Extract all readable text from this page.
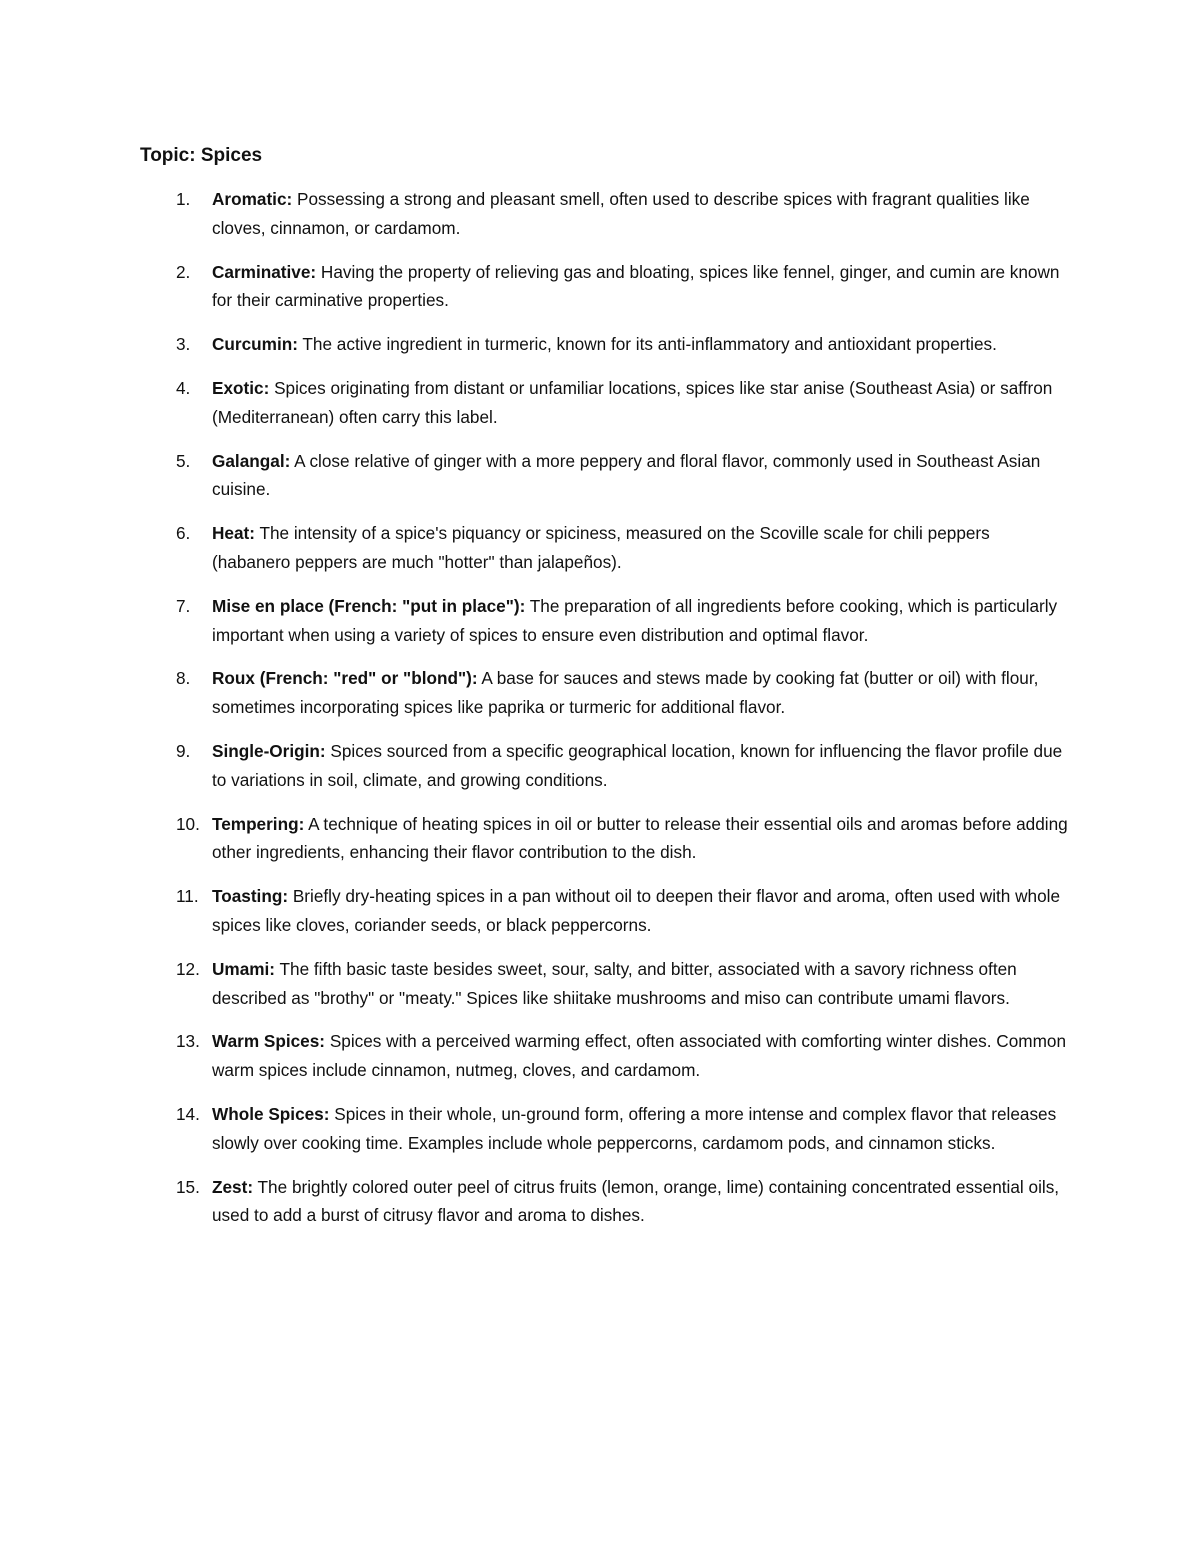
Topic: Spices

1.	Aromatic: Possessing a strong and pleasant smell, often used to describe spices with fragrant qualities like cloves, cinnamon, or cardamom.
2.	Carminative: Having the property of relieving gas and bloating, spices like fennel, ginger, and cumin are known for their carminative properties.
3.	Curcumin: The active ingredient in turmeric, known for its anti-inflammatory and antioxidant properties.
4.	Exotic: Spices originating from distant or unfamiliar locations, spices like star anise (Southeast Asia) or saffron (Mediterranean) often carry this label.
5.	Galangal: A close relative of ginger with a more peppery and floral flavor, commonly used in Southeast Asian cuisine.
6.	Heat: The intensity of a spice's piquancy or spiciness, measured on the Scoville scale for chili peppers (habanero peppers are much "hotter" than jalapeños).
7.	Mise en place (French: "put in place"): The preparation of all ingredients before cooking, which is particularly important when using a variety of spices to ensure even distribution and optimal flavor.
8.	Roux (French: "red" or "blond"): A base for sauces and stews made by cooking fat (butter or oil) with flour, sometimes incorporating spices like paprika or turmeric for additional flavor.
9.	Single-Origin: Spices sourced from a specific geographical location, known for influencing the flavor profile due to variations in soil, climate, and growing conditions.
10. Tempering: A technique of heating spices in oil or butter to release their essential oils and aromas before adding other ingredients, enhancing their flavor contribution to the dish.
11. Toasting: Briefly dry-heating spices in a pan without oil to deepen their flavor and aroma, often used with whole spices like cloves, coriander seeds, or black peppercorns.
12. Umami: The fifth basic taste besides sweet, sour, salty, and bitter, associated with a savory richness often described as "brothy" or "meaty." Spices like shiitake mushrooms and miso can contribute umami flavors.
13. Warm Spices: Spices with a perceived warming effect, often associated with comforting winter dishes. Common warm spices include cinnamon, nutmeg, cloves, and cardamom.
14. Whole Spices: Spices in their whole, un-ground form, offering a more intense and complex flavor that releases slowly over cooking time. Examples include whole peppercorns, cardamom pods, and cinnamon sticks.
15. Zest: The brightly colored outer peel of citrus fruits (lemon, orange, lime) containing concentrated essential oils, used to add a burst of citrusy flavor and aroma to dishes.
